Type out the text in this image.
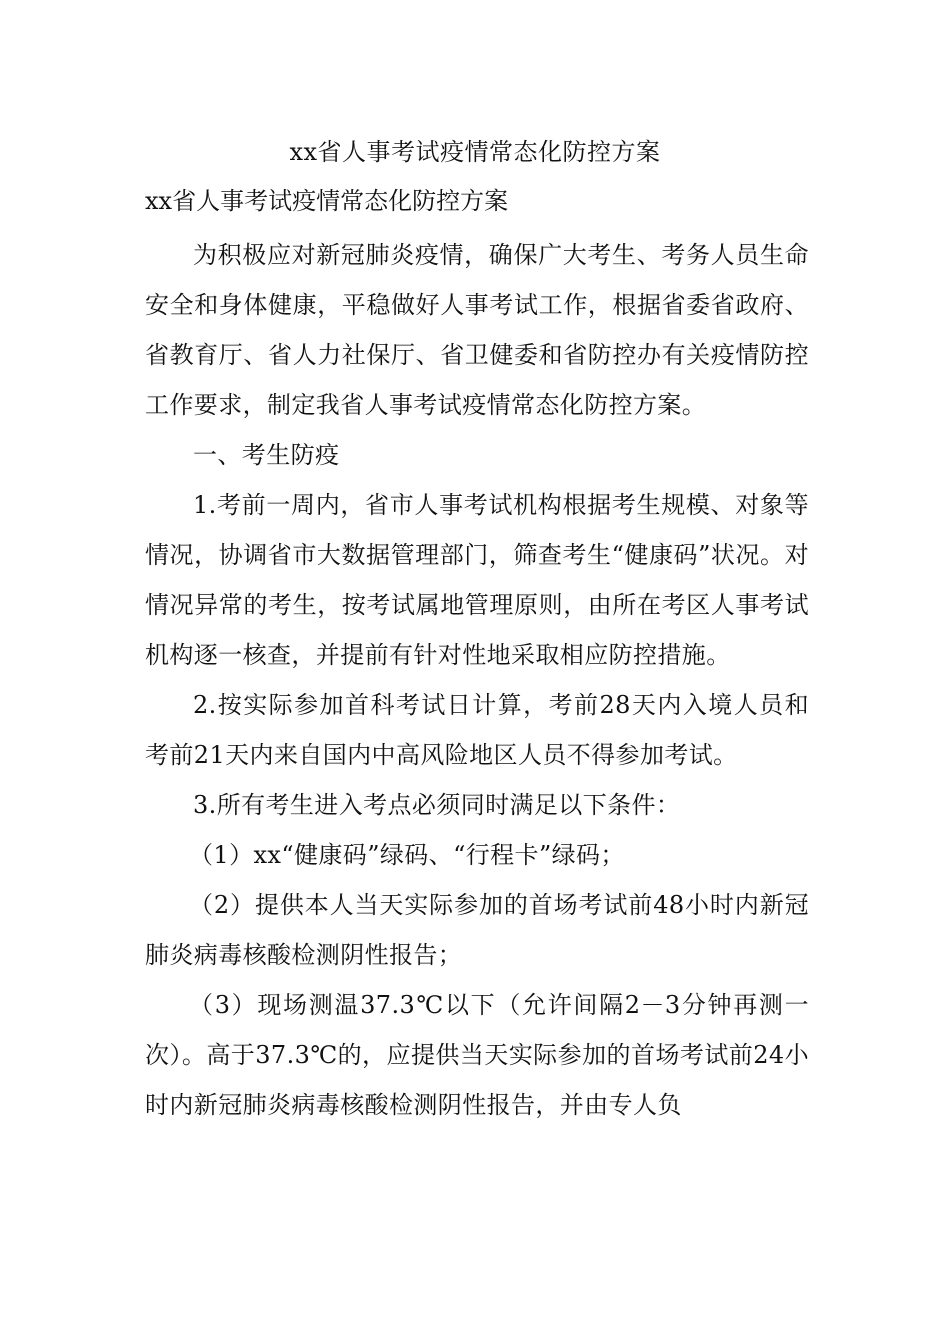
xx省人事考试疫情常态化防控方案
xx省人事考试疫情常态化防控方案

为积极应对新冠肺炎疫情，确保广大考生、考务人员生命安全和身体健康，平稳做好人事考试工作，根据省委省政府、省教育厅、省人力社保厅、省卫健委和省防控办有关疫情防控工作要求，制定我省人事考试疫情常态化防控方案。

一、考生防疫

1.考前一周内，省市人事考试机构根据考生规模、对象等情况，协调省市大数据管理部门，筛查考生“健康码”状况。对情况异常的考生，按考试属地管理原则，由所在考区人事考试机构逐一核查，并提前有针对性地采取相应防控措施。

2.按实际参加首科考试日计算，考前28天内入境人员和考前21天内来自国内中高风险地区人员不得参加考试。

3.所有考生进入考点必须同时满足以下条件：

（1）xx“健康码”绿码、“行程卡”绿码；

（2）提供本人当天实际参加的首场考试前48小时内新冠肺炎病毒核酸检测阴性报告；

（3）现场测温37.3℃以下（允许间隔2－3分钟再测一次）。高于37.3℃的，应提供当天实际参加的首场考试前24小时内新冠肺炎病毒核酸检测阴性报告，并由专人负
